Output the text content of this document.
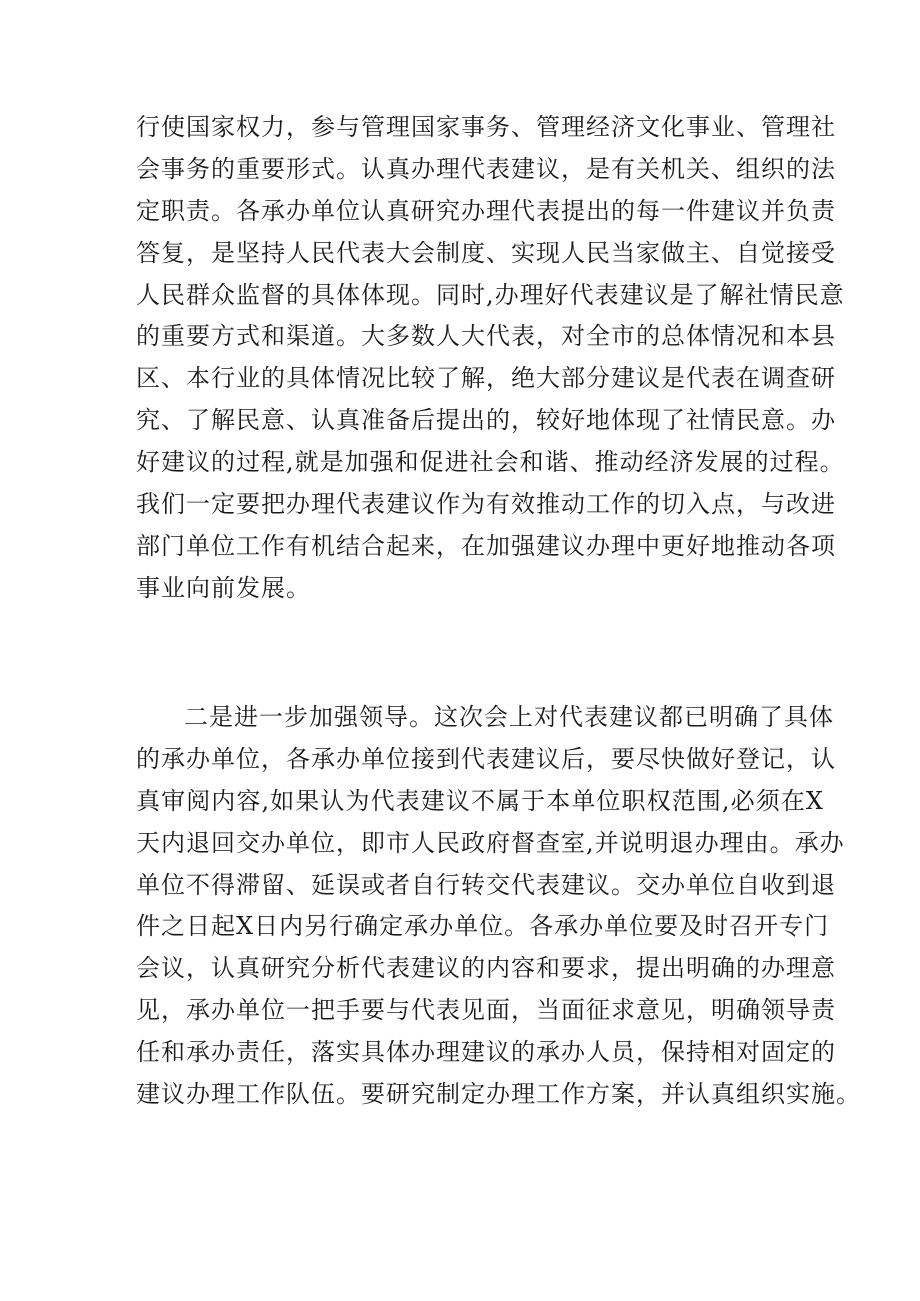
行使国家权力，参与管理国家事务、管理经济文化事业、管理社
会事务的重要形式。认真办理代表建议，是有关机关、组织的法
定职责。各承办单位认真研究办理代表提出的每一件建议并负责
答复，是坚持人民代表大会制度、实现人民当家做主、自觉接受
人民群众监督的具体体现。同时,办理好代表建议是了解社情民意
的重要方式和渠道。大多数人大代表，对全市的总体情况和本县
区、本行业的具体情况比较了解，绝大部分建议是代表在调查研
究、了解民意、认真准备后提出的，较好地体现了社情民意。办
好建议的过程,就是加强和促进社会和谐、推动经济发展的过程。
我们一定要把办理代表建议作为有效推动工作的切入点，与改进
部门单位工作有机结合起来，在加强建议办理中更好地推动各项
事业向前发展。
二是进一步加强领导。这次会上对代表建议都已明确了具体
的承办单位，各承办单位接到代表建议后，要尽快做好登记，认
真审阅内容,如果认为代表建议不属于本单位职权范围,必须在X
天内退回交办单位，即市人民政府督查室,并说明退办理由。承办
单位不得滞留、延误或者自行转交代表建议。交办单位自收到退
件之日起X日内另行确定承办单位。各承办单位要及时召开专门
会议，认真研究分析代表建议的内容和要求，提出明确的办理意
见，承办单位一把手要与代表见面，当面征求意见，明确领导责
任和承办责任，落实具体办理建议的承办人员，保持相对固定的
建议办理工作队伍。要研究制定办理工作方案，并认真组织实施。
